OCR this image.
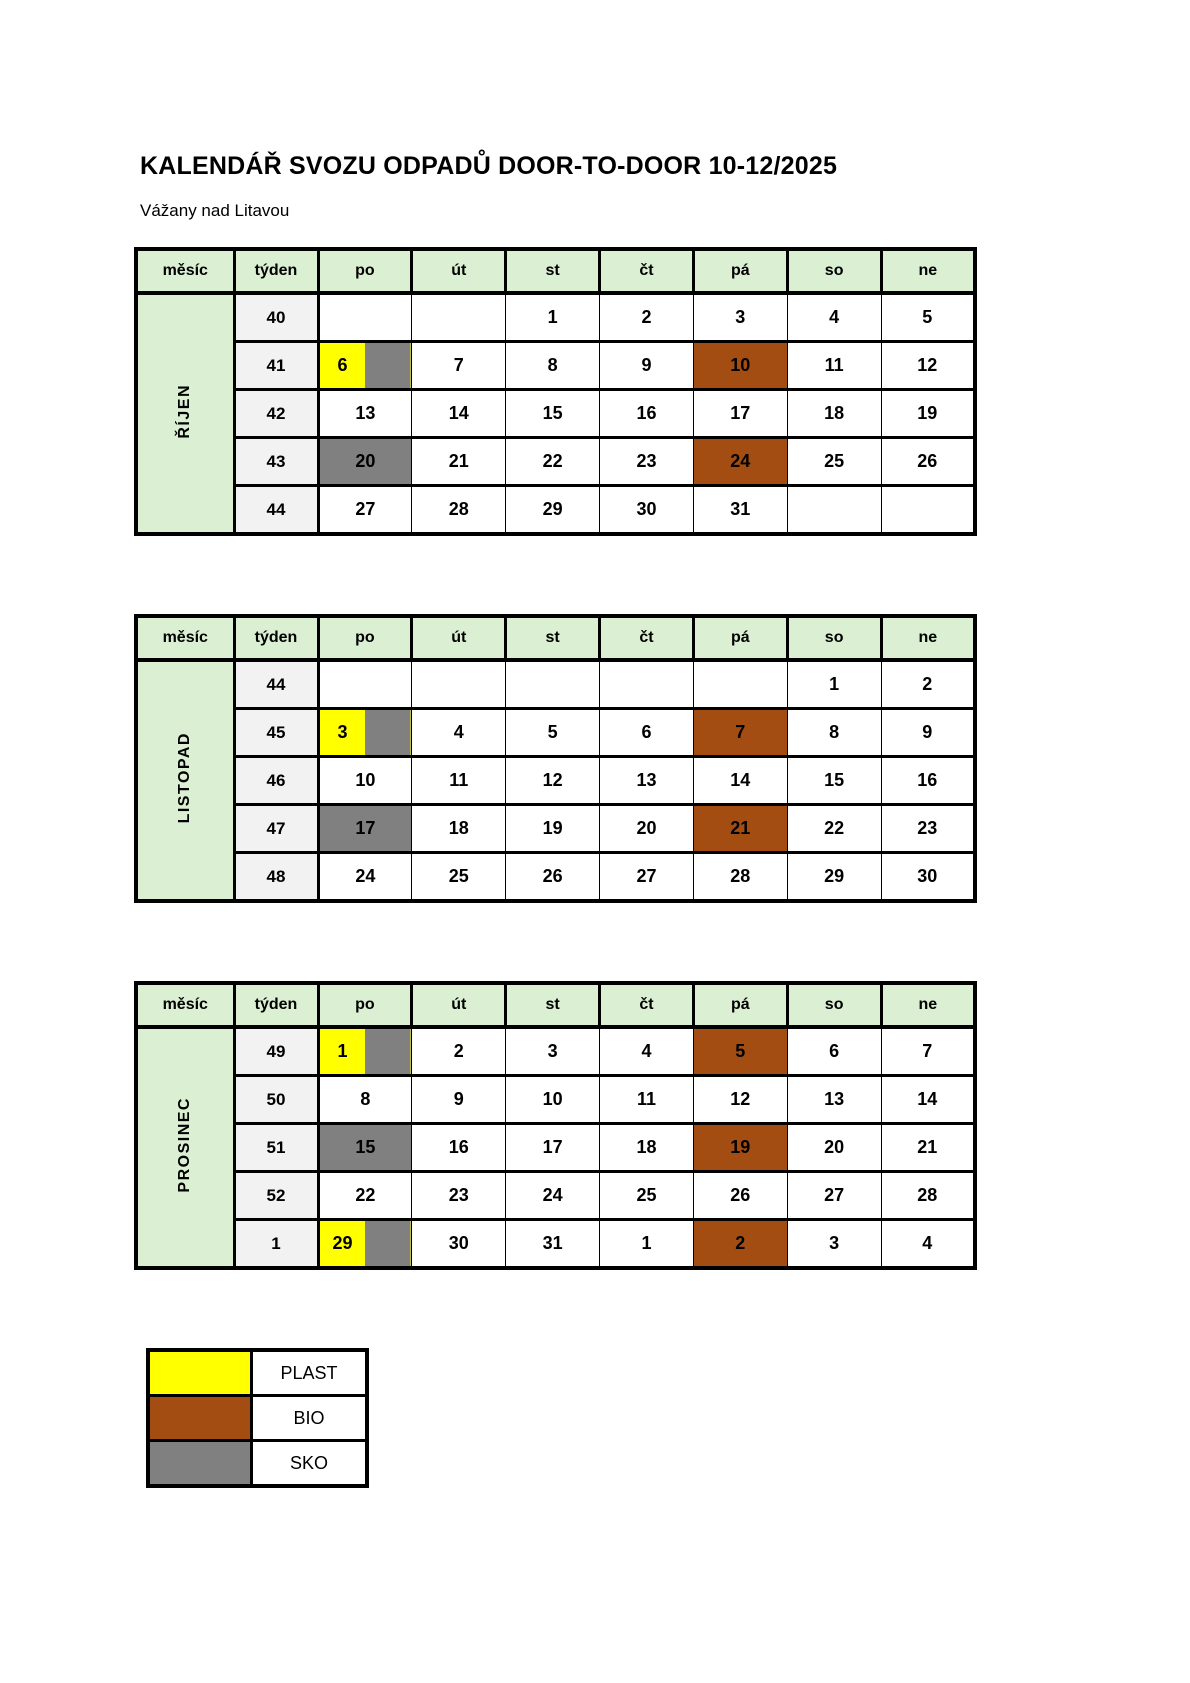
KALENDÁŘ SVOZU ODPADŮ DOOR-TO-DOOR 10-12/2025
Vážany nad Litavou
měsíc	týden	po	út	st	čt	pá	so	ne
ŘÍJEN	40			1	2	3	4	5
	41	6	7	8	9	10	11	12
	42	13	14	15	16	17	18	19
	43	20	21	22	23	24	25	26
	44	27	28	29	30	31		
měsíc	týden	po	út	st	čt	pá	so	ne
LISTOPAD	44						1	2
	45	3	4	5	6	7	8	9
	46	10	11	12	13	14	15	16
	47	17	18	19	20	21	22	23
	48	24	25	26	27	28	29	30
měsíc	týden	po	út	st	čt	pá	so	ne
PROSINEC	49	1	2	3	4	5	6	7
	50	8	9	10	11	12	13	14
	51	15	16	17	18	19	20	21
	52	22	23	24	25	26	27	28
	1	29	30	31	1	2	3	4
	PLAST
	BIO
	SKO
